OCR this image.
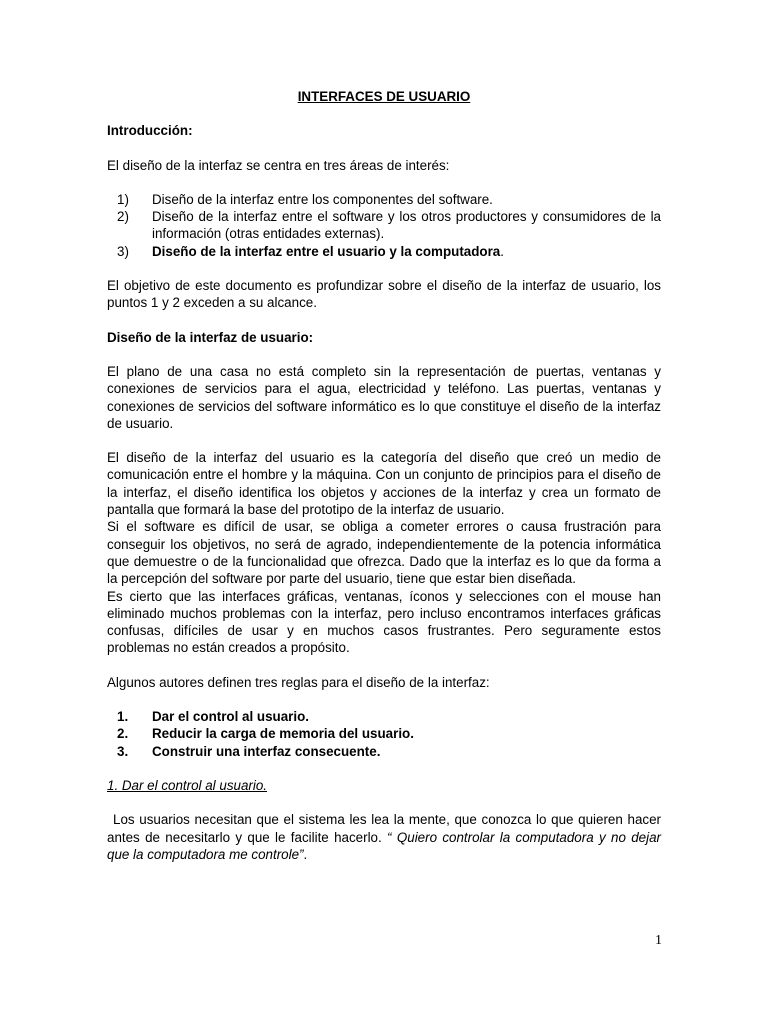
INTERFACES DE USUARIO
Introducción:

El diseño de la interfaz se centra en tres áreas de interés:

1) Diseño de la interfaz entre los componentes del software.
2) Diseño de la interfaz entre el software y los otros productores y consumidores de la información (otras entidades externas).
3) Diseño de la interfaz entre el usuario y la computadora.

El objetivo de este documento es profundizar sobre el diseño de la interfaz de usuario, los puntos 1 y 2 exceden a su alcance.

Diseño de la interfaz de usuario:

El plano de una casa no está completo sin la representación de puertas, ventanas y conexiones de servicios para el agua, electricidad y teléfono. Las puertas, ventanas y conexiones de servicios del software informático es lo que constituye el diseño de la interfaz de usuario.

El diseño de la interfaz del usuario es la categoría del diseño que creó un medio de comunicación entre el hombre y la máquina. Con un conjunto de principios para el diseño de la interfaz, el diseño identifica los objetos y acciones de la interfaz y crea un formato de pantalla que formará la base del prototipo de la interfaz de usuario.

Si el software es difícil de usar, se obliga a cometer errores o causa frustración para conseguir los objetivos, no será de agrado, independientemente de la potencia informática que demuestre o de la funcionalidad que ofrezca. Dado que la interfaz es lo que da forma a la percepción del software por parte del usuario, tiene que estar bien diseñada.

Es cierto que las interfaces gráficas, ventanas, íconos y selecciones con el mouse han eliminado muchos problemas con la interfaz, pero incluso encontramos interfaces gráficas confusas, difíciles de usar y en muchos casos frustrantes. Pero seguramente estos problemas no están creados a propósito.

Algunos autores definen tres reglas para el diseño de la interfaz:

1. Dar el control al usuario.
2. Reducir la carga de memoria del usuario.
3. Construir una interfaz consecuente.
1. Dar el control al usuario.

Los usuarios necesitan que el sistema les lea la mente, que conozca lo que quieren hacer antes de necesitarlo y que le facilite hacerlo. “ Quiero controlar la computadora y no dejar que la computadora me controle”.

1
